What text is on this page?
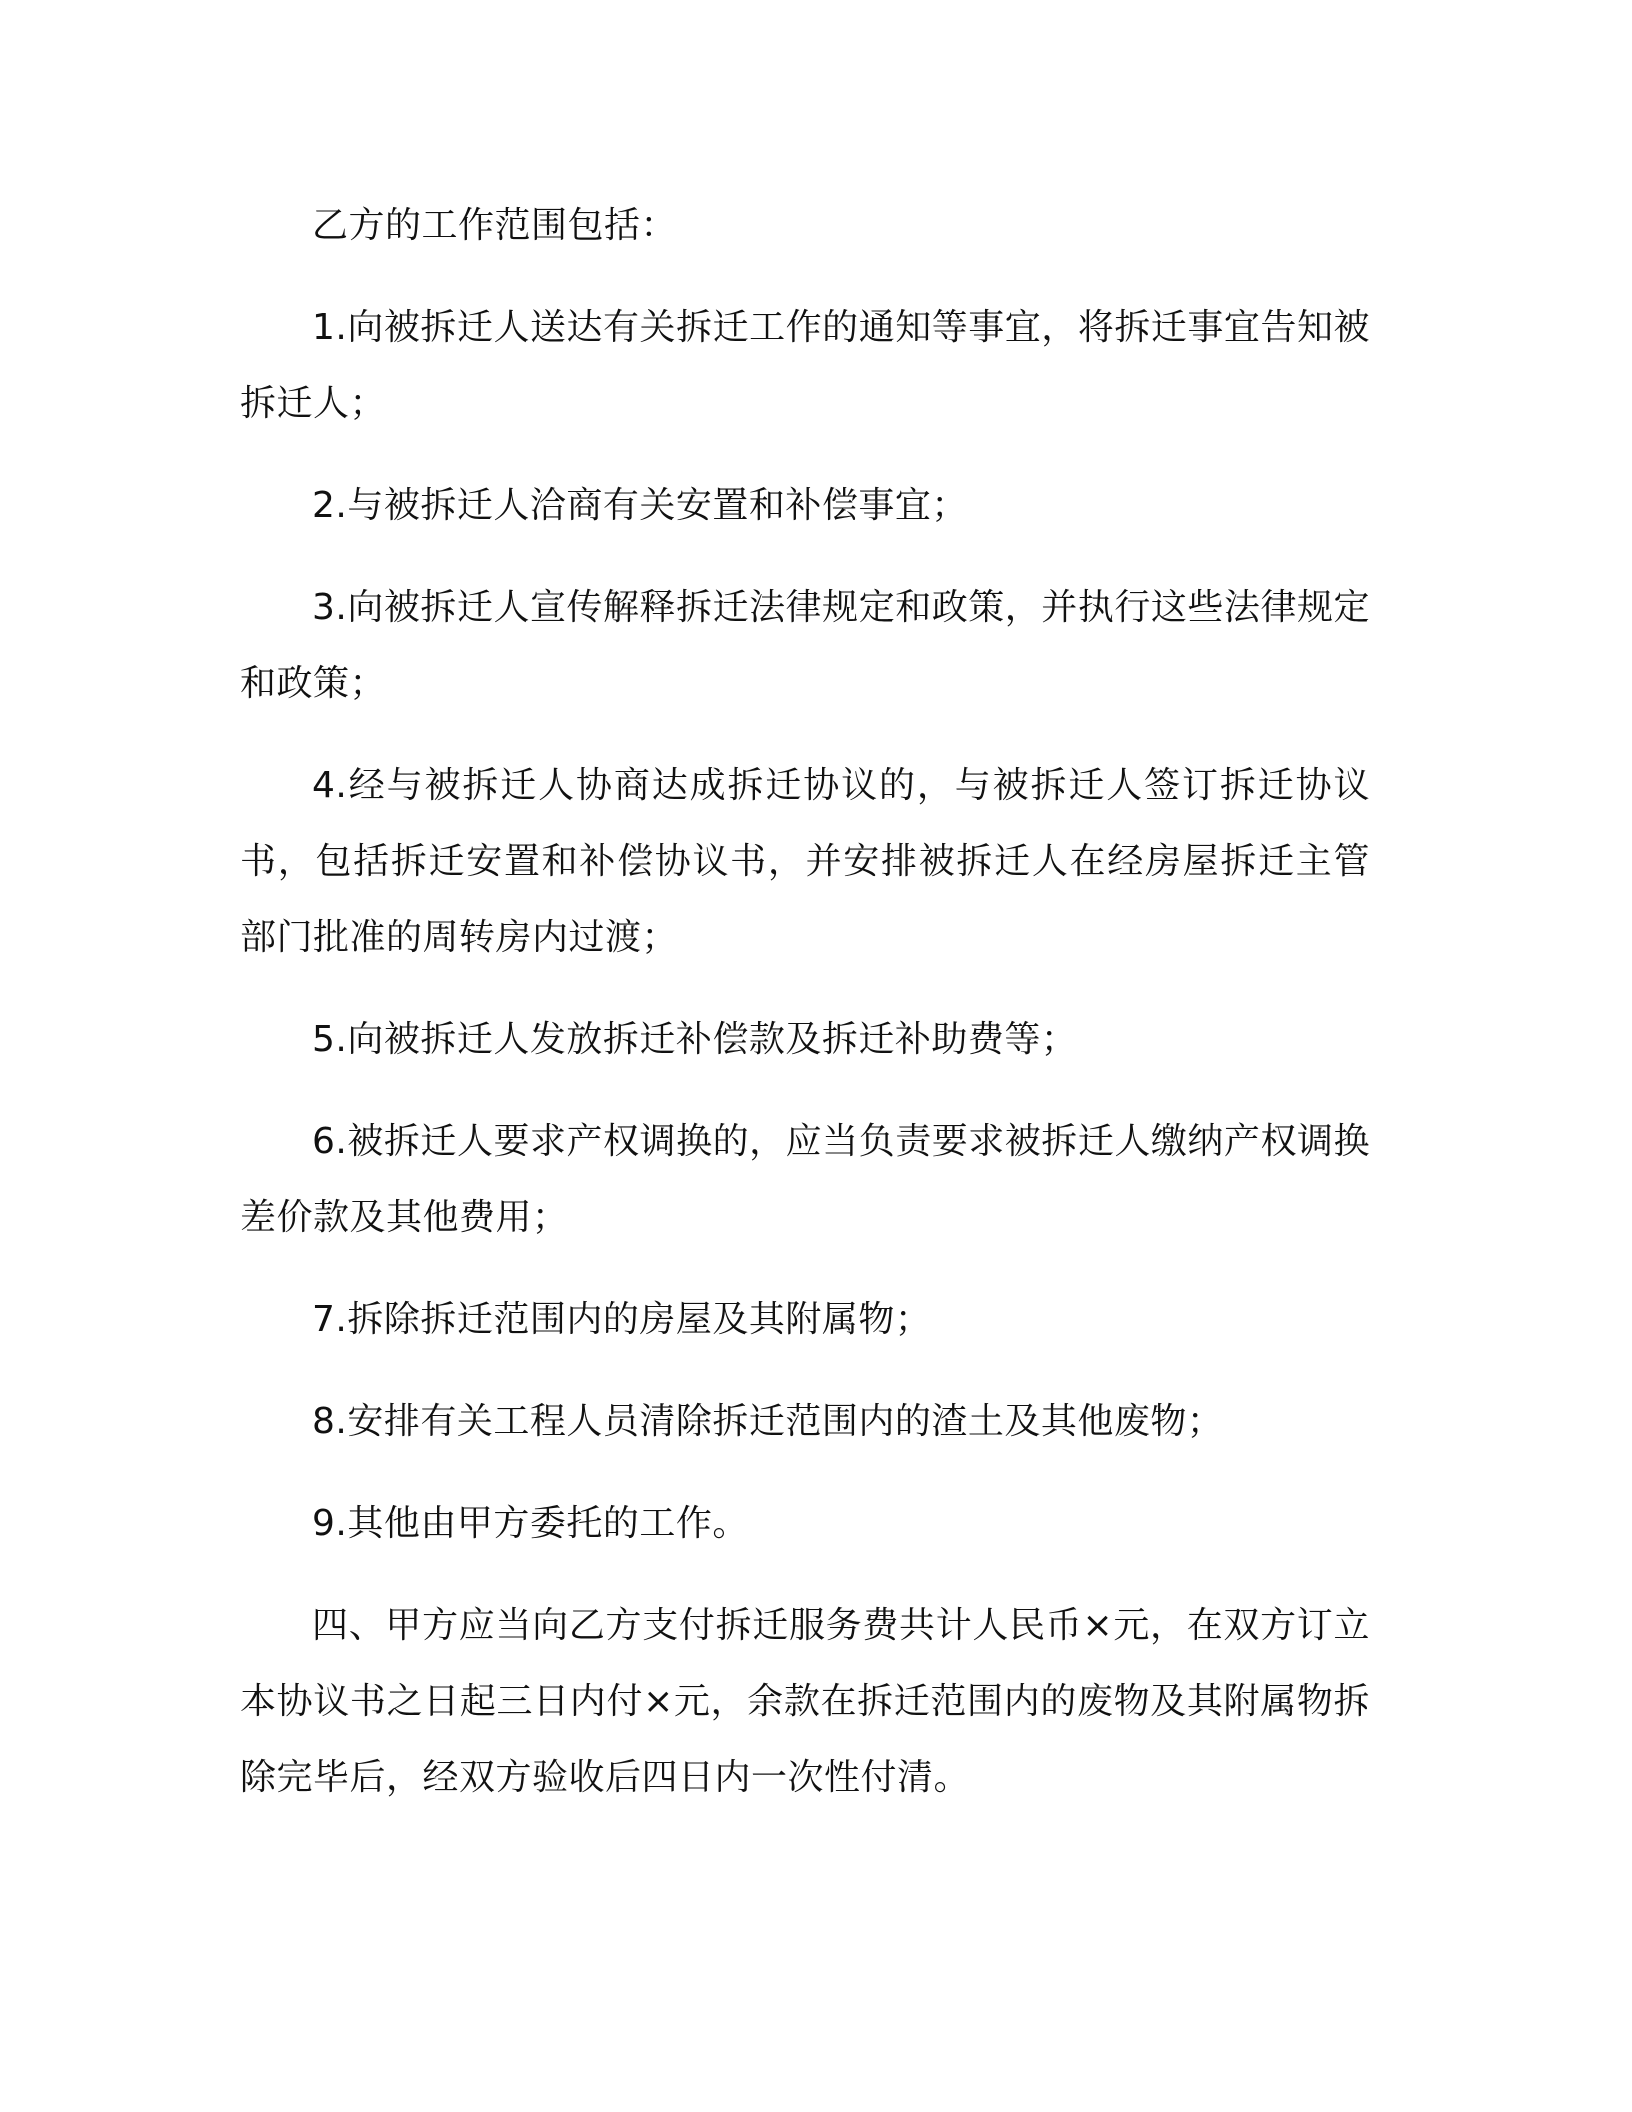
乙方的工作范围包括：

1.向被拆迁人送达有关拆迁工作的通知等事宜，将拆迁事宜告知被拆迁人；

2.与被拆迁人洽商有关安置和补偿事宜；

3.向被拆迁人宣传解释拆迁法律规定和政策，并执行这些法律规定和政策；

4.经与被拆迁人协商达成拆迁协议的，与被拆迁人签订拆迁协议书，包括拆迁安置和补偿协议书，并安排被拆迁人在经房屋拆迁主管部门批准的周转房内过渡；

5.向被拆迁人发放拆迁补偿款及拆迁补助费等；

6.被拆迁人要求产权调换的，应当负责要求被拆迁人缴纳产权调换差价款及其他费用；

7.拆除拆迁范围内的房屋及其附属物；

8.安排有关工程人员清除拆迁范围内的渣土及其他废物；

9.其他由甲方委托的工作。

四、甲方应当向乙方支付拆迁服务费共计人民币×元，在双方订立本协议书之日起三日内付×元，余款在拆迁范围内的废物及其附属物拆除完毕后，经双方验收后四日内一次性付清。
